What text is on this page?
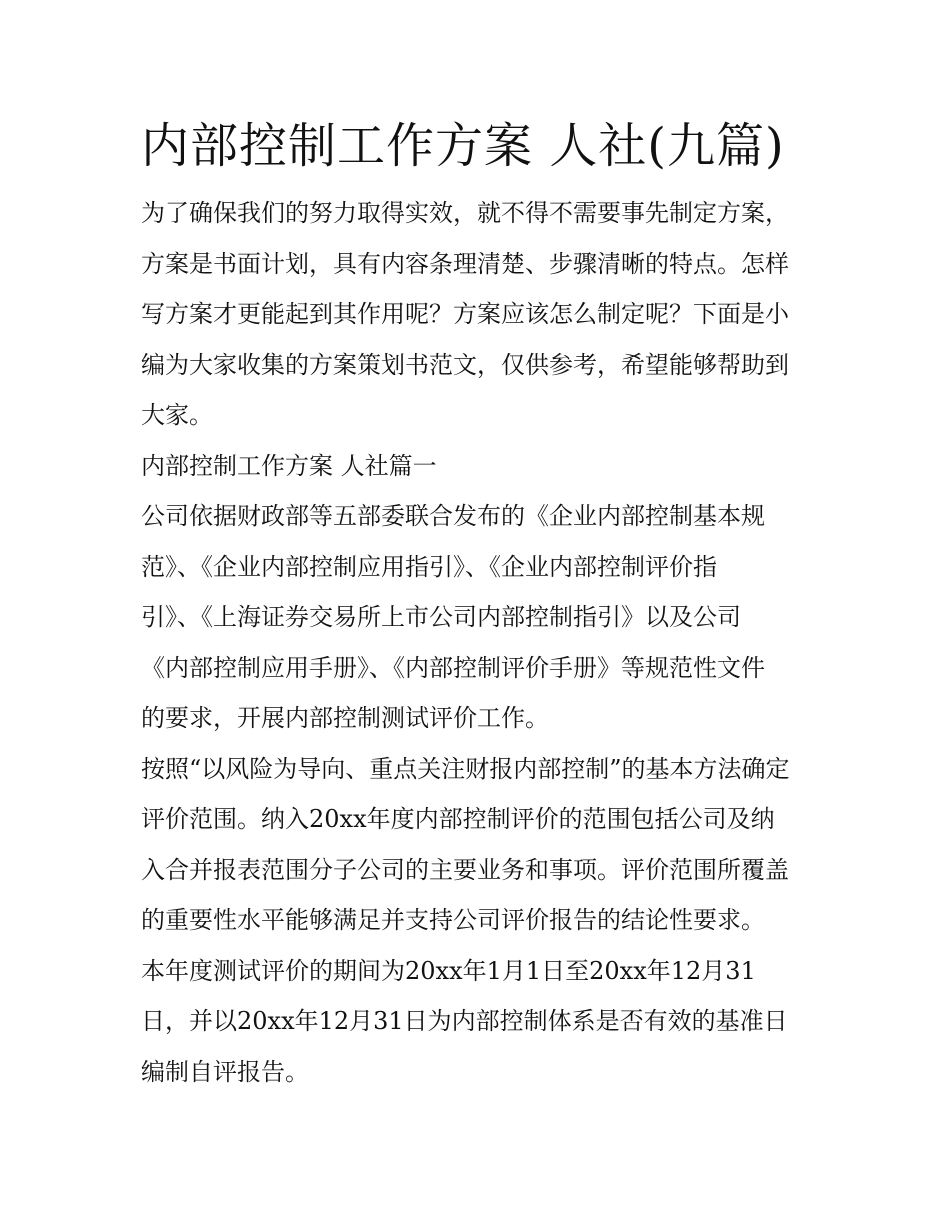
内部控制工作方案 人社(九篇)

为了确保我们的努力取得实效，就不得不需要事先制定方案，
方案是书面计划，具有内容条理清楚、步骤清晰的特点。怎样
写方案才更能起到其作用呢？方案应该怎么制定呢？下面是小
编为大家收集的方案策划书范文，仅供参考，希望能够帮助到
大家。

内部控制工作方案 人社篇一

公司依据财政部等五部委联合发布的《企业内部控制基本规
范》、《企业内部控制应用指引》、《企业内部控制评价指
引》、《上海证券交易所上市公司内部控制指引》以及公司
《内部控制应用手册》、《内部控制评价手册》等规范性文件
的要求，开展内部控制测试评价工作。

按照“以风险为导向、重点关注财报内部控制”的基本方法确定
评价范围。纳入20xx年度内部控制评价的范围包括公司及纳
入合并报表范围分子公司的主要业务和事项。评价范围所覆盖
的重要性水平能够满足并支持公司评价报告的结论性要求。

本年度测试评价的期间为20xx年1月1日至20xx年12月31
日，并以20xx年12月31日为内部控制体系是否有效的基准日
编制自评报告。
